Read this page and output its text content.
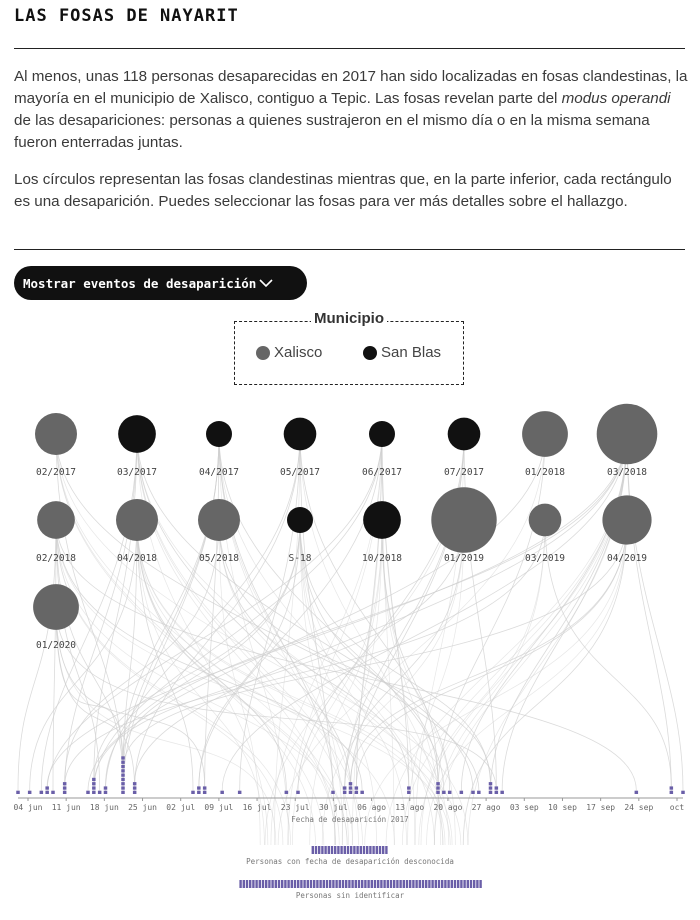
LAS FOSAS DE NAYARIT

Al menos, unas 118 personas desaparecidas en 2017 han sido localizadas en fosas clandestinas, la mayoría en el municipio de Xalisco, contiguo a Tepic. Las fosas revelan parte del modus operandi de las desapariciones: personas a quienes sustrajeron en el mismo día o en la misma semana fueron enterradas juntas.

Los círculos representan las fosas clandestinas mientras que, en la parte inferior, cada rectángulo es una desaparición. Puedes seleccionar las fosas para ver más detalles sobre el hallazgo.

Mostrar eventos de desaparición
Municipio
Xalisco	San Blas
02/2017	03/2017	04/2017	05/2017	06/2017	07/2017	01/2018	03/2018
02/2018	04/2018	05/2018	S-18	10/2018	01/2019	03/2019	04/2019
01/2020
04 jun 11 jun 18 jun 25 jun 02 jul 09 jul 16 jul 23 jul 30 jul 06 ago 13 ago 20 ago 27 ago 03 sep 10 sep 17 sep 24 sep oct
Fecha de desaparición 2017
Personas con fecha de desaparición desconocida
Personas sin identificar
